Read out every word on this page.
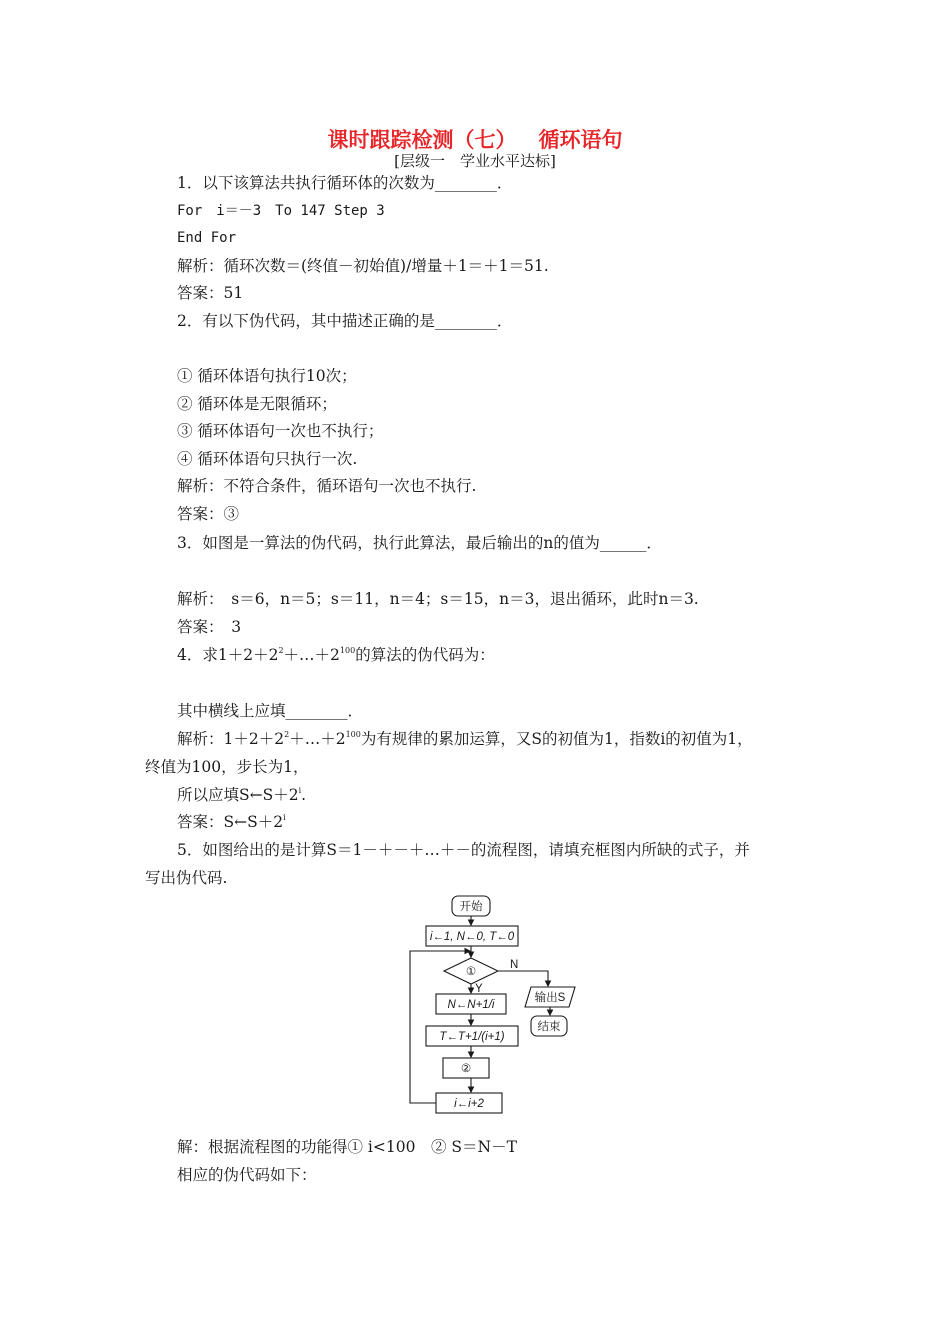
课时跟踪检测（七） 循环语句
[层级一　学业水平达标]
1．以下该算法共执行循环体的次数为________．
For　i＝－3　To 147 Step 3
End For
解析：循环次数＝(终值－初始值)/增量＋1＝＋1＝51.
答案：51
2．有以下伪代码，其中描述正确的是________．
① 循环体语句执行10次；
② 循环体是无限循环；
③ 循环体语句一次也不执行；
④ 循环体语句只执行一次.
解析：不符合条件，循环语句一次也不执行.
答案：③
3．如图是一算法的伪代码，执行此算法，最后输出的n的值为______．
解析：　s＝6，n＝5；s＝11，n＝4；s＝15，n＝3，退出循环，此时n＝3.
答案：　3
4．求$1+2+2^2+\dots+2^{100}$的算法的伪代码为：
其中横线上应填________．
解析：$1+2+2^2+\dots+2^{100}$为有规律的累加运算，又S的初值为1，指数i的初值为1，
终值为100，步长为1，
所以应填$S\leftarrow S+2^i$.
答案：$S\leftarrow S+2^i$
5．如图给出的是计算S＝1－＋－＋…＋－的流程图，请填充框图内所缺的式子，并
写出伪代码.
开始
i←1, N←0, T←0
①
Y
N
N←N+1/i
T←T+1/(i+1)
②
i←i+2
输出S
结束
解：根据流程图的功能得① i<100　② S＝N－T
相应的伪代码如下：
